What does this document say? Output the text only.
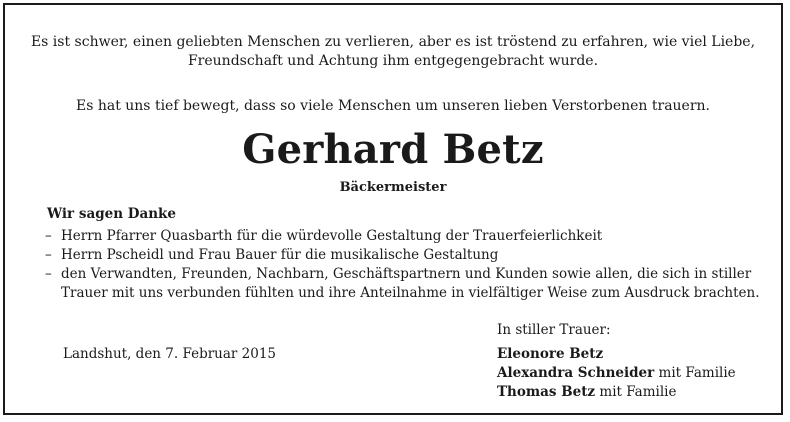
Es ist schwer, einen geliebten Menschen zu verlieren, aber es ist tröstend zu erfahren, wie viel Liebe,
Freundschaft und Achtung ihm entgegengebracht wurde.
Es hat uns tief bewegt, dass so viele Menschen um unseren lieben Verstorbenen trauern.
Gerhard Betz
Bäckermeister
Wir sagen Danke
– Herrn Pfarrer Quasbarth für die würdevolle Gestaltung der Trauerfeierlichkeit
– Herrn Pscheidl und Frau Bauer für die musikalische Gestaltung
– den Verwandten, Freunden, Nachbarn, Geschäftspartnern und Kunden sowie allen, die sich in stiller Trauer mit uns verbunden fühlten und ihre Anteilnahme in vielfältiger Weise zum Ausdruck brachten.
In stiller Trauer:
Landshut, den 7. Februar 2015	Eleonore Betz
Alexandra Schneider mit Familie
Thomas Betz mit Familie
